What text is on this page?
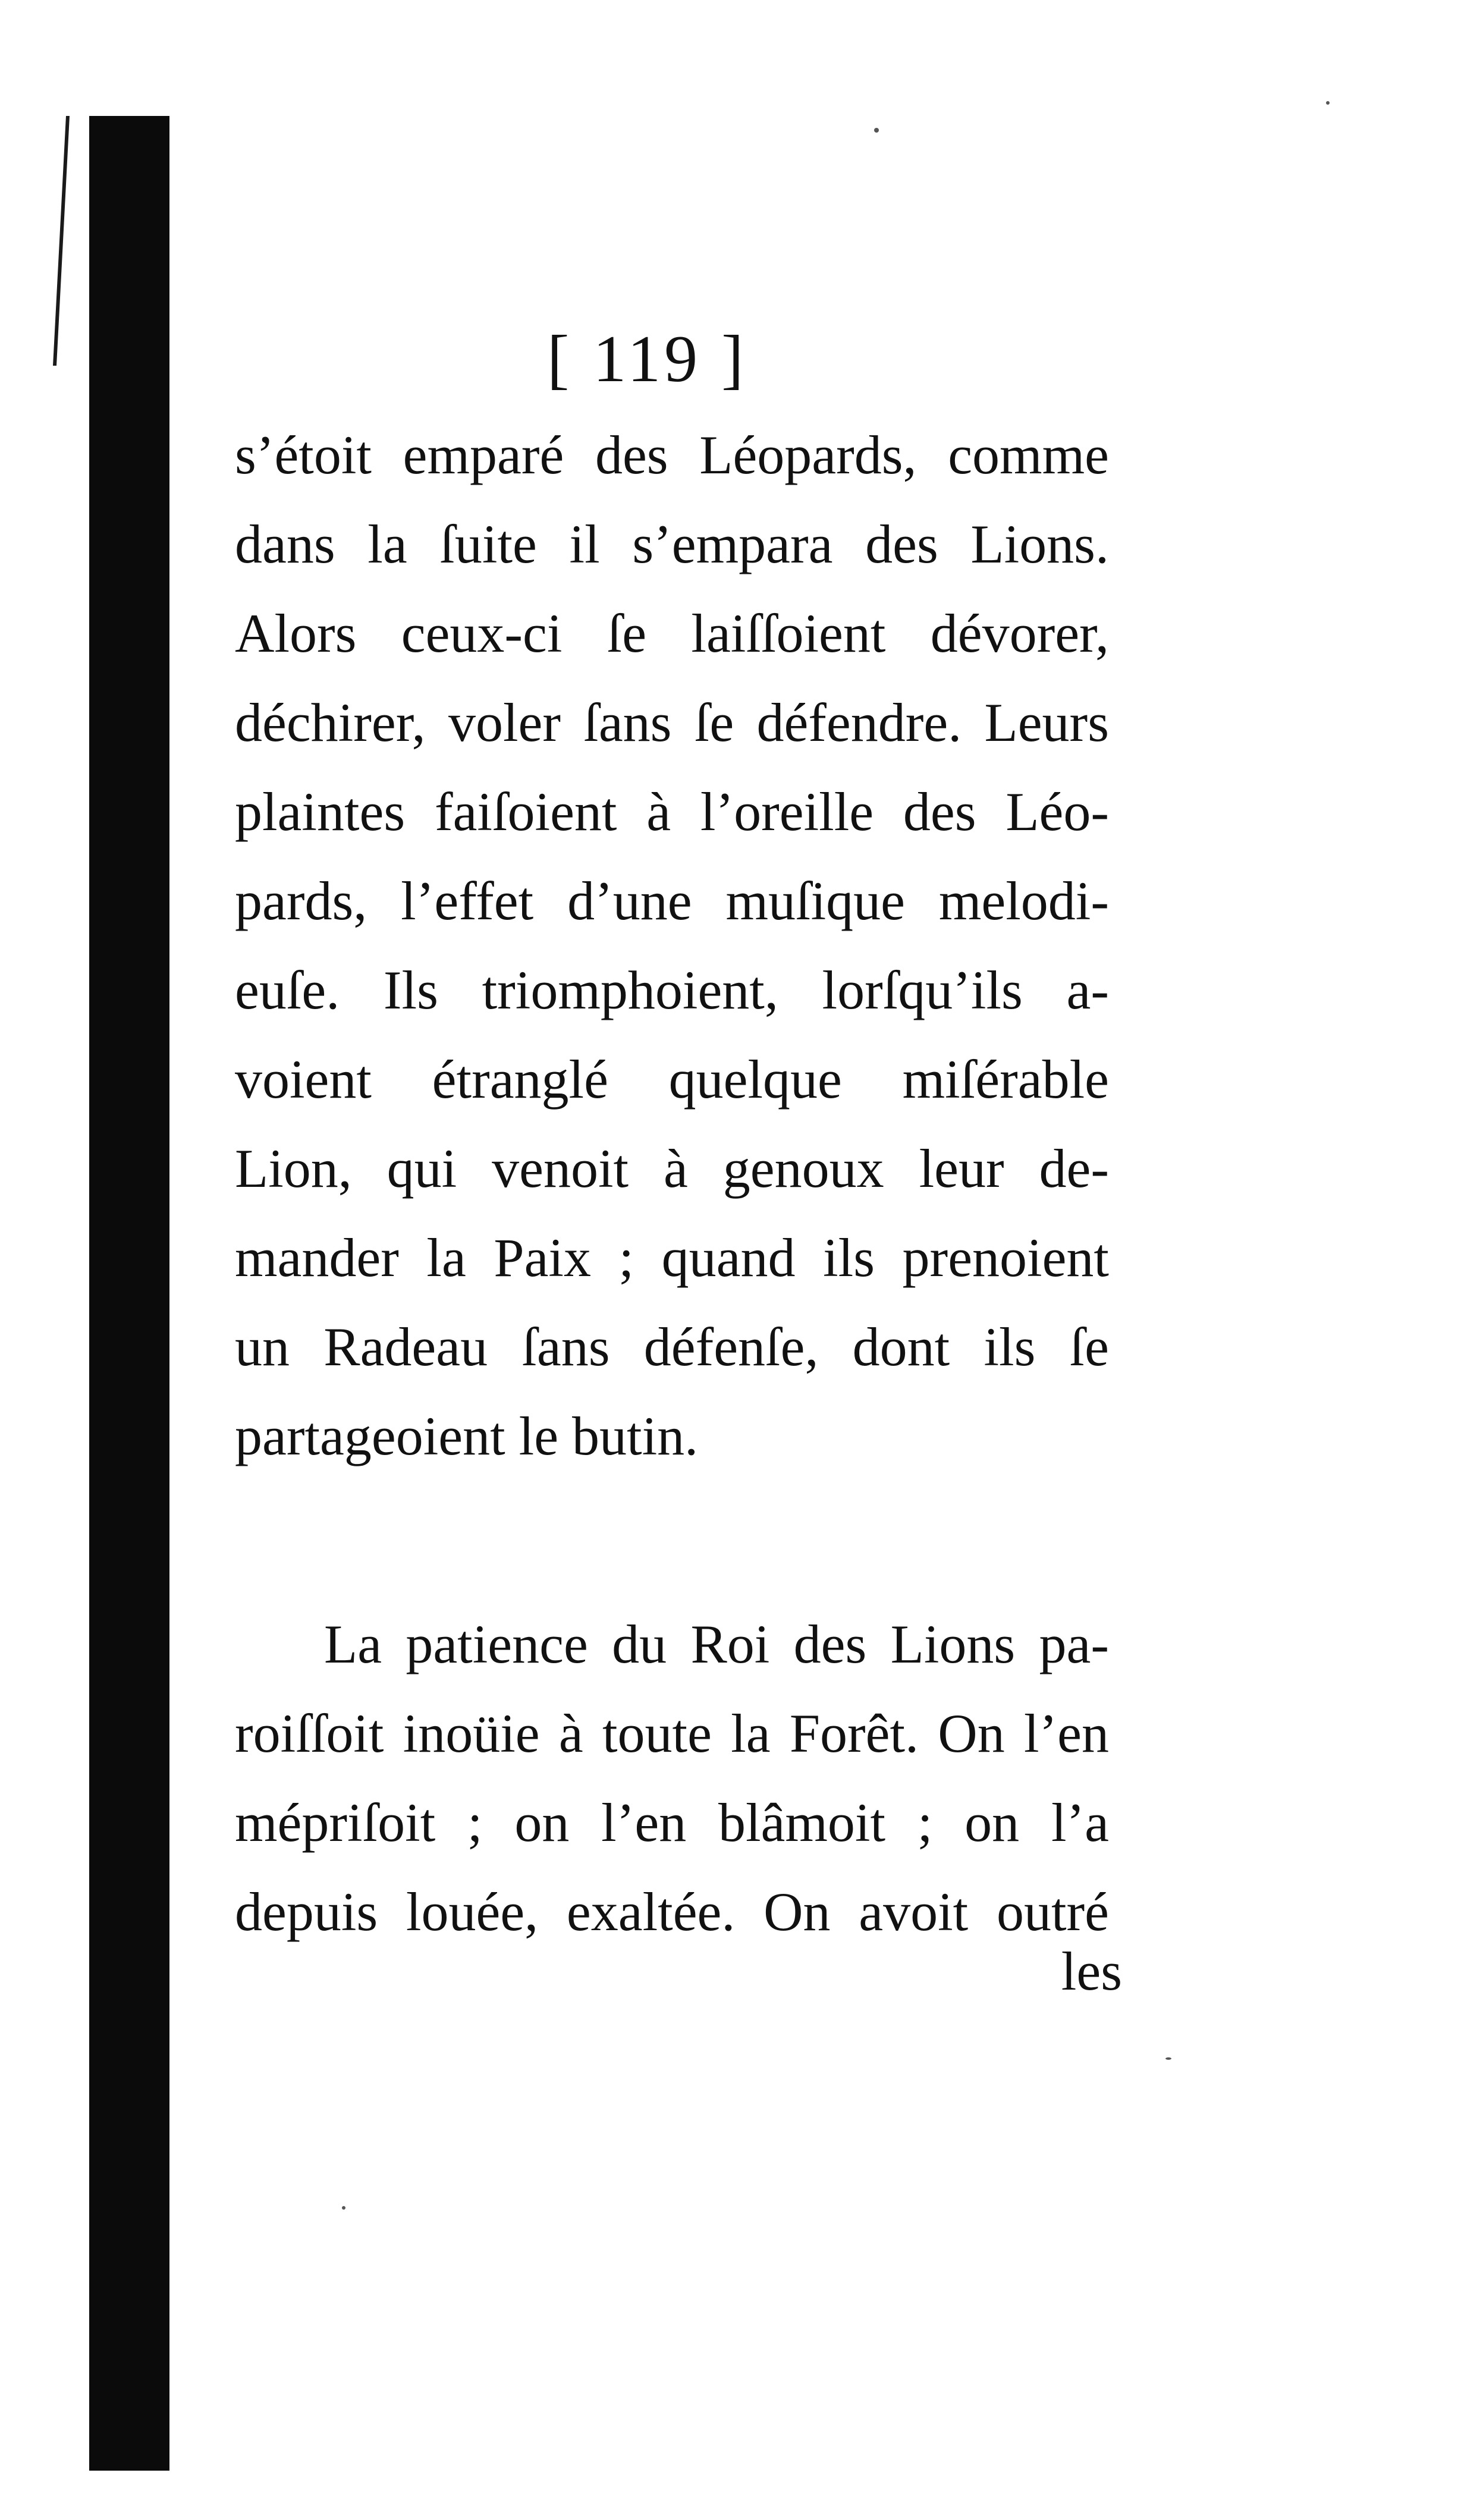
[ 119 ]
s’étoit emparé des Léopards, comme
dans la ſuite il s’empara des Lions.
Alors ceux-ci ſe laiſſoient dévorer,
déchirer, voler ſans ſe défendre. Leurs
plaintes faiſoient à l’oreille des Léo-
pards, l’effet d’une muſique melodi-
euſe. Ils triomphoient, lorſqu’ils a-
voient étranglé quelque miſérable
Lion, qui venoit à genoux leur de-
mander la Paix ; quand ils prenoient
un Radeau ſans défenſe, dont ils ſe
partageoient le butin.
La patience du Roi des Lions pa-
roiſſoit inoüie à toute la Forêt. On l’en
mépriſoit ; on l’en blâmoit ; on l’a
depuis louée, exaltée. On avoit outré
les
